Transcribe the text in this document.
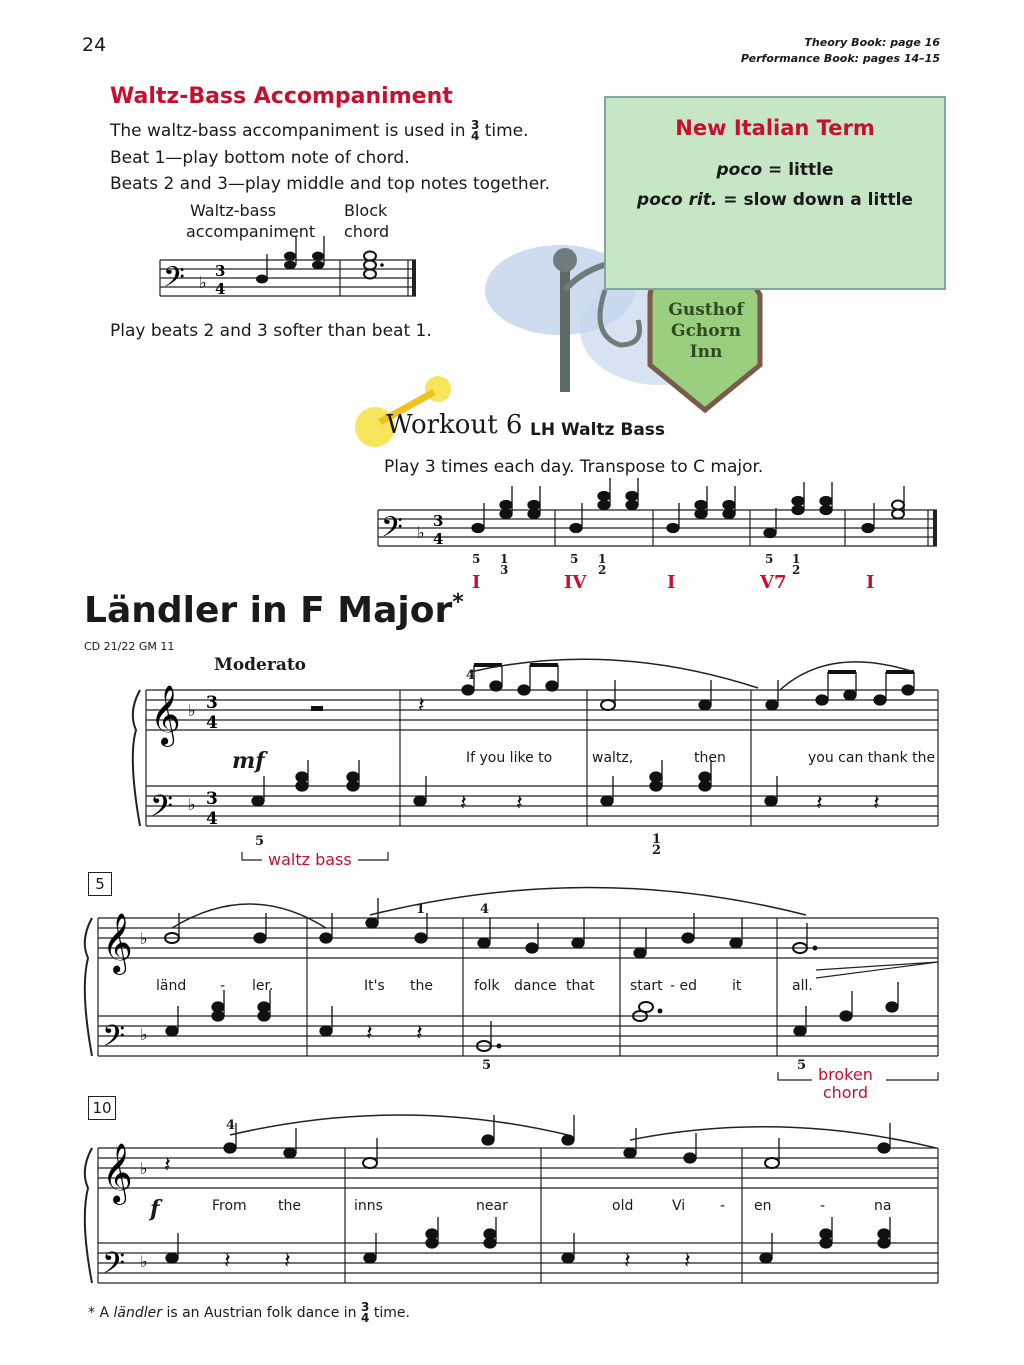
24	Theory Book: page 16
Performance Book: pages 14–15
Waltz-Bass Accompaniment
The waltz-bass accompaniment is used in 3
4 time.
Beat 1—play bottom note of chord.
Beats 2 and 3—play middle and top notes together.
Waltz-bass
accompaniment
Block
chord
𝄢 ♭
3
4
𝄢 ♭
3
4
𝄞
𝄢
♭
♭
3
4
3
4
𝄽
𝄽 𝄽	𝄽 𝄽
𝄞
𝄢
♭
♭	𝄽 𝄽
𝄞
𝄢
♭
♭
𝄽
𝄽 𝄽	𝄽 𝄽
Play beats 2 and 3 softer than beat 1.
New Italian Term
poco = little
poco rit. = slow down a little
Gusthof
Gchorn
Inn
Workout 6 LH Waltz Bass
Play 3 times each day. Transpose to C major.
5 1
3
5 1
2
5 1
2
I	IV	I	V7	I
Ländler in F Major*
CD 21/22 GM 11
Moderato
mf
4
If you like to	waltz,	then	you can thank the
5
waltz bass
1
2
5
1	4
länd - ler.	It's the	folk dance that	start - ed it	all.
5	5 broken
chord
10
4
f	From the	inns	near	old	Vi - en	-	na
* A ländler is an Austrian folk dance in 3
4 time.
